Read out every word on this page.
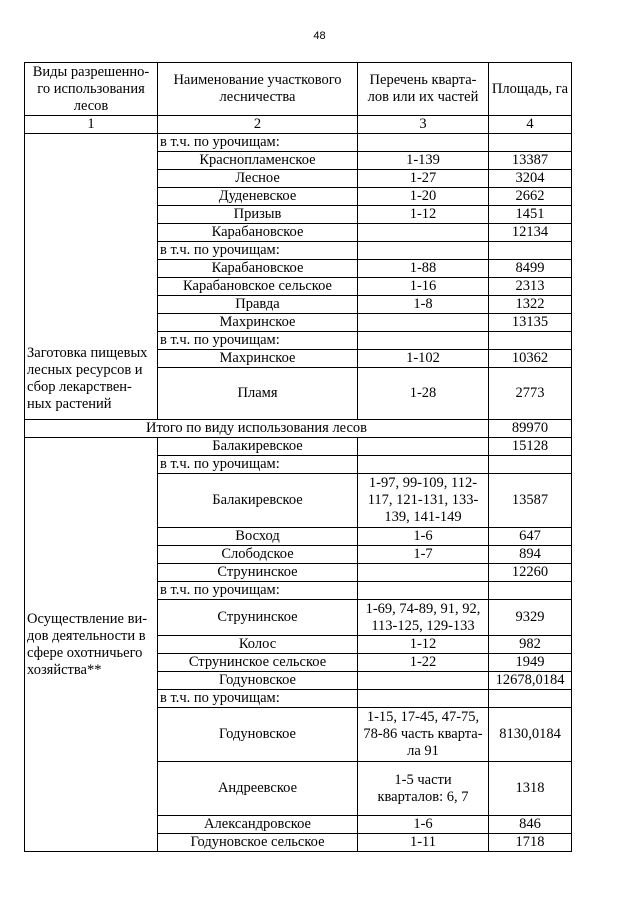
48
Виды разрешенно-го использования лесов	Наименование участкового лесничества	Перечень кварта-лов или их частей	Площадь, га
1	2	3	4
Заготовка пищевых лесных ресурсов и сбор лекарствен-ных растений	в т.ч. по урочищам:		
	Краснопламенское	1-139	13387
	Лесное	1-27	3204
	Дуденевское	1-20	2662
	Призыв	1-12	1451
	Карабановское		12134
	в т.ч. по урочищам:		
	Карабановское	1-88	8499
	Карабановское сельское	1-16	2313
	Правда	1-8	1322
	Махринское		13135
	в т.ч. по урочищам:		
	Махринское	1-102	10362
	Пламя	1-28	2773
Итого по виду использования лесов			89970
Осуществление ви-дов деятельности в сфере охотничьего хозяйства**	Балакиревское		15128
	в т.ч. по урочищам:		
	Балакиревское	1-97, 99-109, 112-117, 121-131, 133-139, 141-149	13587
	Восход	1-6	647
	Слободское	1-7	894
	Струнинское		12260
	в т.ч. по урочищам:		
	Струнинское	1-69, 74-89, 91, 92, 113-125, 129-133	9329
	Колос	1-12	982
	Струнинское сельское	1-22	1949
	Годуновское		12678,0184
	в т.ч. по урочищам:		
	Годуновское	1-15, 17-45, 47-75, 78-86 часть кварта-ла 91	8130,0184
	Андреевское	1-5 части кварталов: 6, 7	1318
	Александровское	1-6	846
	Годуновское сельское	1-11	1718
